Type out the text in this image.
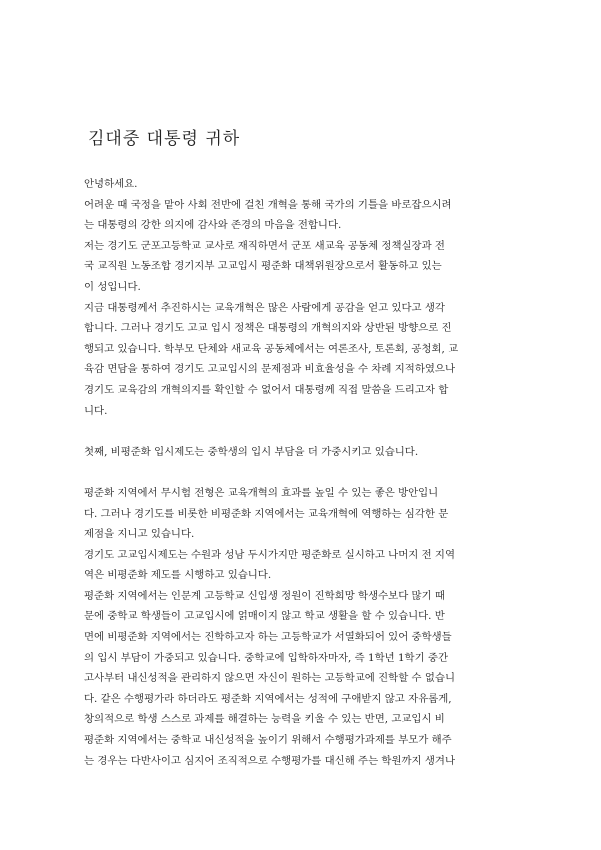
김대중 대통령 귀하
안녕하세요.
어려운 때 국정을 맡아 사회 전반에 걸친 개혁을 통해 국가의 기틀을 바로잡으시려
는 대통령의 강한 의지에 감사와 존경의 마음을 전합니다.
저는 경기도 군포고등학교 교사로 재직하면서 군포 새교육 공동체 정책실장과 전
국 교직원 노동조합 경기지부 고교입시 평준화 대책위원장으로서 활동하고 있는
이 성입니다.
지금 대통령께서 추진하시는 교육개혁은 많은 사람에게 공감을 얻고 있다고 생각
합니다. 그러나 경기도 고교 입시 정책은 대통령의 개혁의지와 상반된 방향으로 진
행되고 있습니다. 학부모 단체와 새교육 공동체에서는 여론조사, 토론회, 공청회, 교
육감 면담을 통하여 경기도 고교입시의 문제점과 비효율성을 수 차례 지적하였으나
경기도 교육감의 개혁의지를 확인할 수 없어서 대통령께 직접 말씀을 드리고자 합
니다.
첫째, 비평준화 입시제도는 중학생의 입시 부담을 더 가중시키고 있습니다.
평준화 지역에서 무시험 전형은 교육개혁의 효과를 높일 수 있는 좋은 방안입니
다. 그러나 경기도를 비롯한 비평준화 지역에서는 교육개혁에 역행하는 심각한 문
제점을 지니고 있습니다.
경기도 고교입시제도는 수원과 성남 두시가지만 평준화로 실시하고 나머지 전 지역
역은 비평준화 제도를 시행하고 있습니다.
평준화 지역에서는 인문계 고등학교 신입생 정원이 진학희망 학생수보다 많기 때
문에 중학교 학생들이 고교입시에 얽매이지 않고 학교 생활을 할 수 있습니다. 반
면에 비평준화 지역에서는 진학하고자 하는 고등학교가 서열화되어 있어 중학생들
의 입시 부담이 가중되고 있습니다. 중학교에 입학하자마자, 즉 1학년 1학기 중간
고사부터 내신성적을 관리하지 않으면 자신이 원하는 고등학교에 진학할 수 없습니
다. 같은 수행평가라 하더라도 평준화 지역에서는 성적에 구애받지 않고 자유롭게,
창의적으로 학생 스스로 과제를 해결하는 능력을 키울 수 있는 반면, 고교입시 비
평준화 지역에서는 중학교 내신성적을 높이기 위해서 수행평가과제를 부모가 해주
는 경우는 다반사이고 심지어 조직적으로 수행평가를 대신해 주는 학원까지 생겨나
